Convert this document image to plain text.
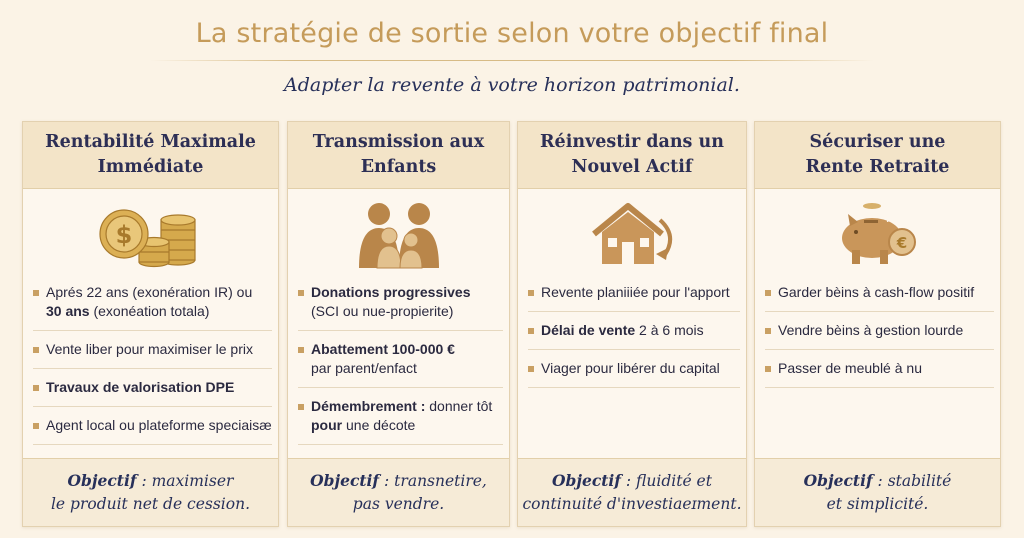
La stratégie de sortie selon votre objectif final
Adapter la revente à votre horizon patrimonial.
Rentabilité Maximale
Immédiate
$
Aprés 22 ans (exonération IR) ou
30 ans (exonéation totala)
Vente liber pour maximiser le prix
Travaux de valorisation DPE
Agent local ou plateforme speciaisæ
Objectif : maximiser
le produit net de cession.
Transmission aux
Enfants
Donations progressives
(SCI ou nue-propierite)
Abattement 100-000 €
par parent/enfact
Démembrement : donner tôt
pour une décote
Objectif : transnetire,
pas vendre.
Réinvestir dans un
Nouvel Actif
Revente planiiiée pour l'apport
Délai de vente 2 à 6 mois
Viager pour libérer du capital
Objectif : fluidité et
continuité d'investiaeɪment.
Sécuriser une
Rente Retraite
€
+
Garder bèins à cash-flow positif
Vendre bèins à gestion lourde
Passer de meublé à nu
Objectif : stabilité
et simplicité.
